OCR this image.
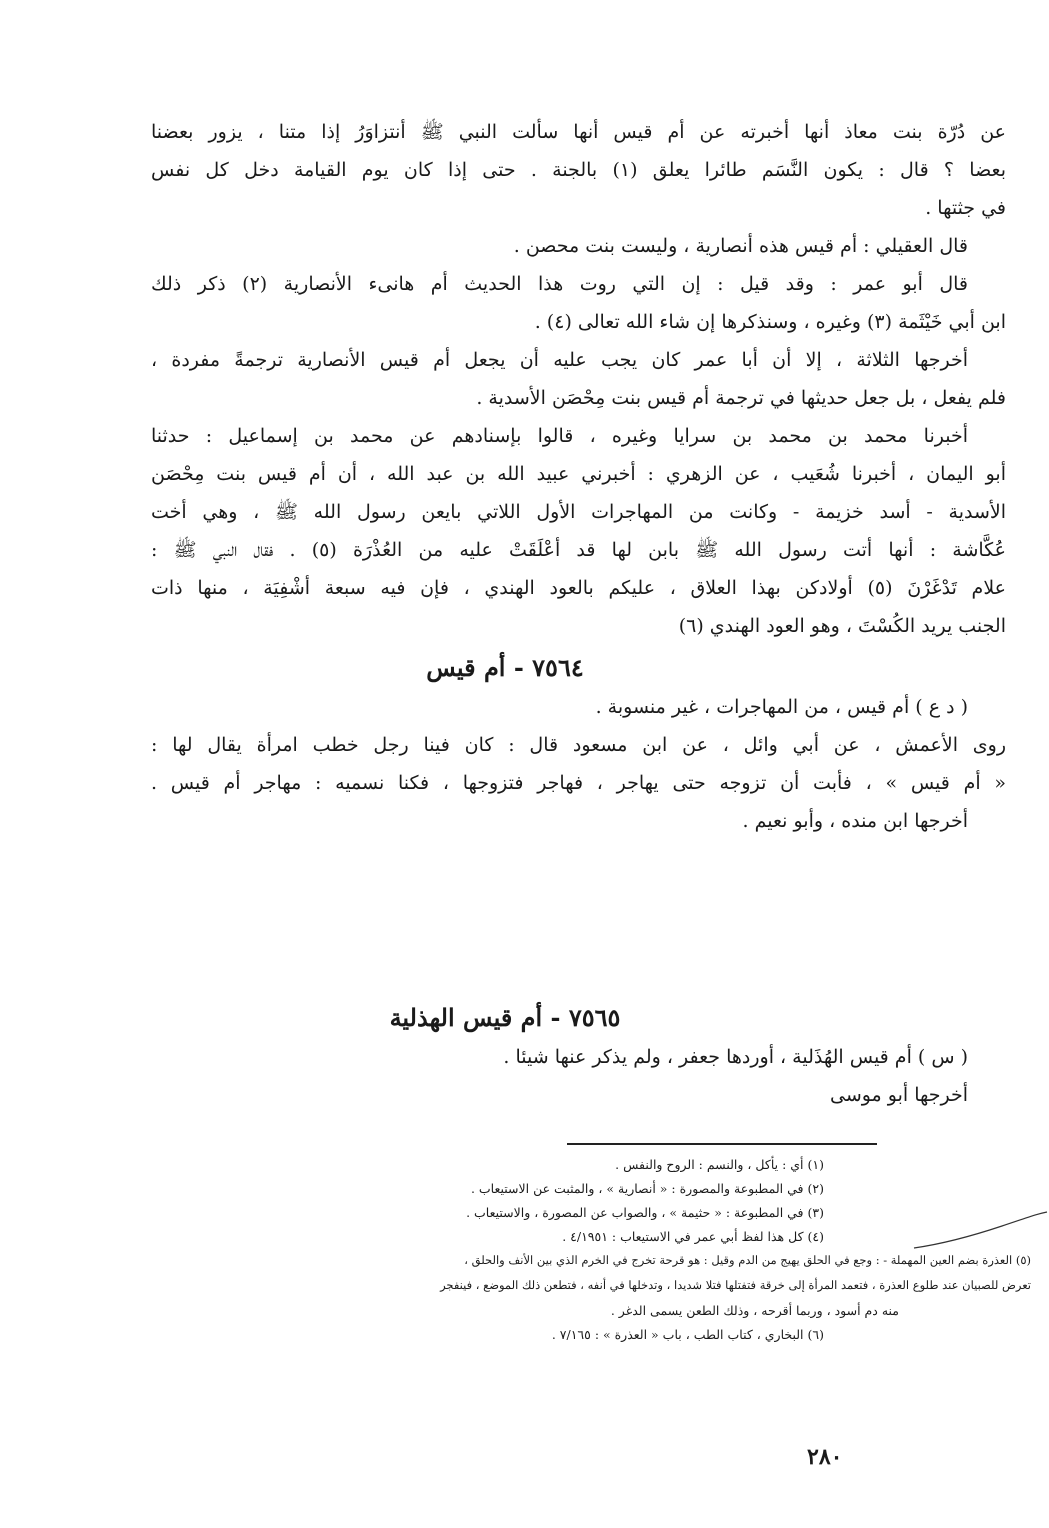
عن دُرّة بنت معاذ أنها أخبرته عن أم قيس أنها سألت النبي ﷺ أنتزاوَرُ إذا متنا ، يزور بعضنا
بعضا ؟ قال : يكون النَّسَم طائرا يعلق (١) بالجنة . حتى إذا كان يوم القيامة دخل كل نفس
في جثتها .
قال العقيلي : أم قيس هذه أنصارية ، وليست بنت محصن .
قال أبو عمر : وقد قيل : إن التي روت هذا الحديث أم هانىء الأنصارية (٢) ذكر ذلك
ابن أبي خَيْثَمة (٣) وغيره ، وسنذكرها إن شاء الله تعالى (٤) .
أخرجها الثلاثة ، إلا أن أبا عمر كان يجب عليه أن يجعل أم قيس الأنصارية ترجمةً مفردة ،
فلم يفعل ، بل جعل حديثها في ترجمة أم قيس بنت مِحْصَن الأسدية .
أخبرنا محمد بن محمد بن سرايا وغيره ، قالوا بإسنادهم عن محمد بن إسماعيل : حدثنا
أبو اليمان ، أخبرنا شُعَيب ، عن الزهري : أخبرني عبيد الله بن عبد الله ، أن أم قيس بنت مِحْصَن
الأسدية - أسد خزيمة - وكانت من المهاجرات الأول اللاتي بايعن رسول الله ﷺ ، وهي أخت
عُكَّاشة : أنها أتت رسول الله ﷺ بابن لها قد أعْلَقَتْ عليه من العُذْرَة (٥) . فقال النبي ﷺ :
علام تَدْغَرْنَ (٥) أولادكن بهذا العلاق ، عليكم بالعود الهندي ، فإن فيه سبعة أشْفِيَة ، منها ذات
الجنب يريد الكُسْتَ ، وهو العود الهندي (٦)
٧٥٦٤ - أم قيس
( د ع ) أم قيس ، من المهاجرات ، غير منسوبة .
روى الأعمش ، عن أبي وائل ، عن ابن مسعود قال : كان فينا رجل خطب امرأة يقال لها :
« أم قيس » ، فأبت أن تزوجه حتى يهاجر ، فهاجر فتزوجها ، فكنا نسميه : مهاجر أم قيس .
أخرجها ابن منده ، وأبو نعيم .
٧٥٦٥ - أم قيس الهذلية
( س ) أم قيس الهُذَلية ، أوردها جعفر ، ولم يذكر عنها شيئا .
أخرجها أبو موسى
(١) أي : يأكل ، والنسم : الروح والنفس .
(٢) في المطبوعة والمصورة : « أنصارية » ، والمثبت عن الاستيعاب .
(٣) في المطبوعة : « حثيمة » ، والصواب عن المصورة ، والاستيعاب .
(٤) كل هذا لفظ أبي عمر في الاستيعاب : ٤/١٩٥١ .
(٥) العذرة بضم العين المهملة - : وجع في الحلق يهيج من الدم وقيل : هو قرحة تخرج في الخرم الذي بين الأنف والحلق ،
تعرض للصبيان عند طلوع العذرة ، فتعمد المرأة إلى خرقة فتفتلها فتلا شديدا ، وتدخلها في أنفه ، فتطعن ذلك الموضع ، فينفجر
منه دم أسود ، وربما أقرحه ، وذلك الطعن يسمى الدغر .
(٦) البخاري ، كتاب الطب ، باب « العذرة » : ٧/١٦٥ .
٢٨٠
